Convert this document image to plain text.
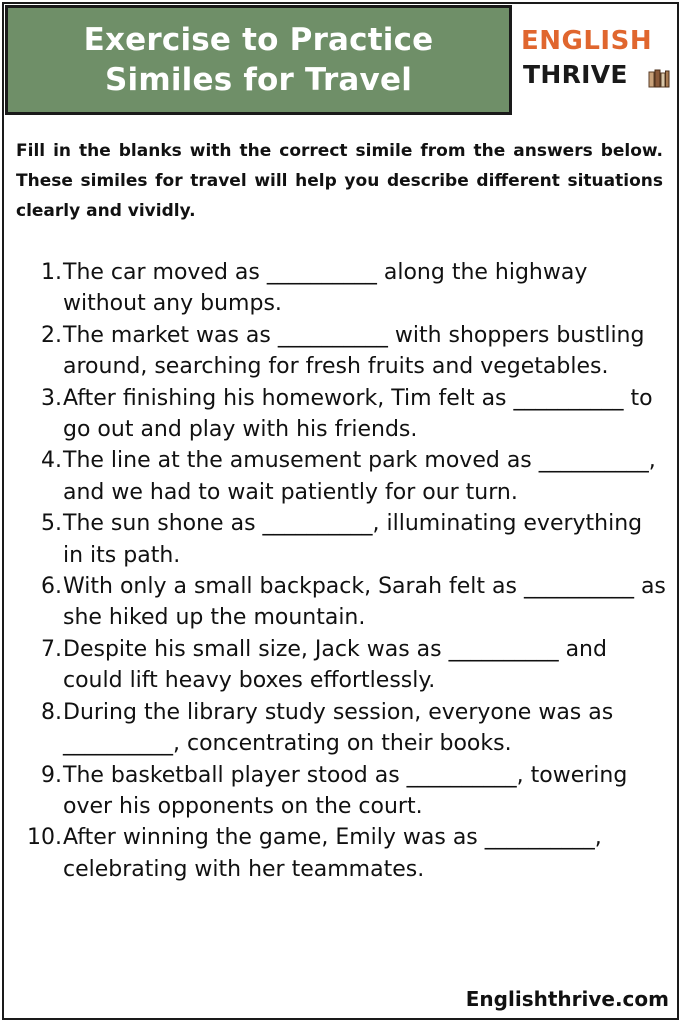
Exercise to Practice
Similes for Travel
ENGLISH
THRIVE

Fill in the blanks with the correct simile from the answers below. These similes for travel will help you describe different situations clearly and vividly.

1. The car moved as __________ along the highway without any bumps.
2. The market was as __________ with shoppers bustling around, searching for fresh fruits and vegetables.
3. After finishing his homework, Tim felt as __________ to go out and play with his friends.
4. The line at the amusement park moved as __________, and we had to wait patiently for our turn.
5. The sun shone as __________, illuminating everything in its path.
6. With only a small backpack, Sarah felt as __________ as she hiked up the mountain.
7. Despite his small size, Jack was as __________ and could lift heavy boxes effortlessly.
8. During the library study session, everyone was as __________, concentrating on their books.
9. The basketball player stood as __________, towering over his opponents on the court.
10. After winning the game, Emily was as __________, celebrating with her teammates.
Englishthrive.com
